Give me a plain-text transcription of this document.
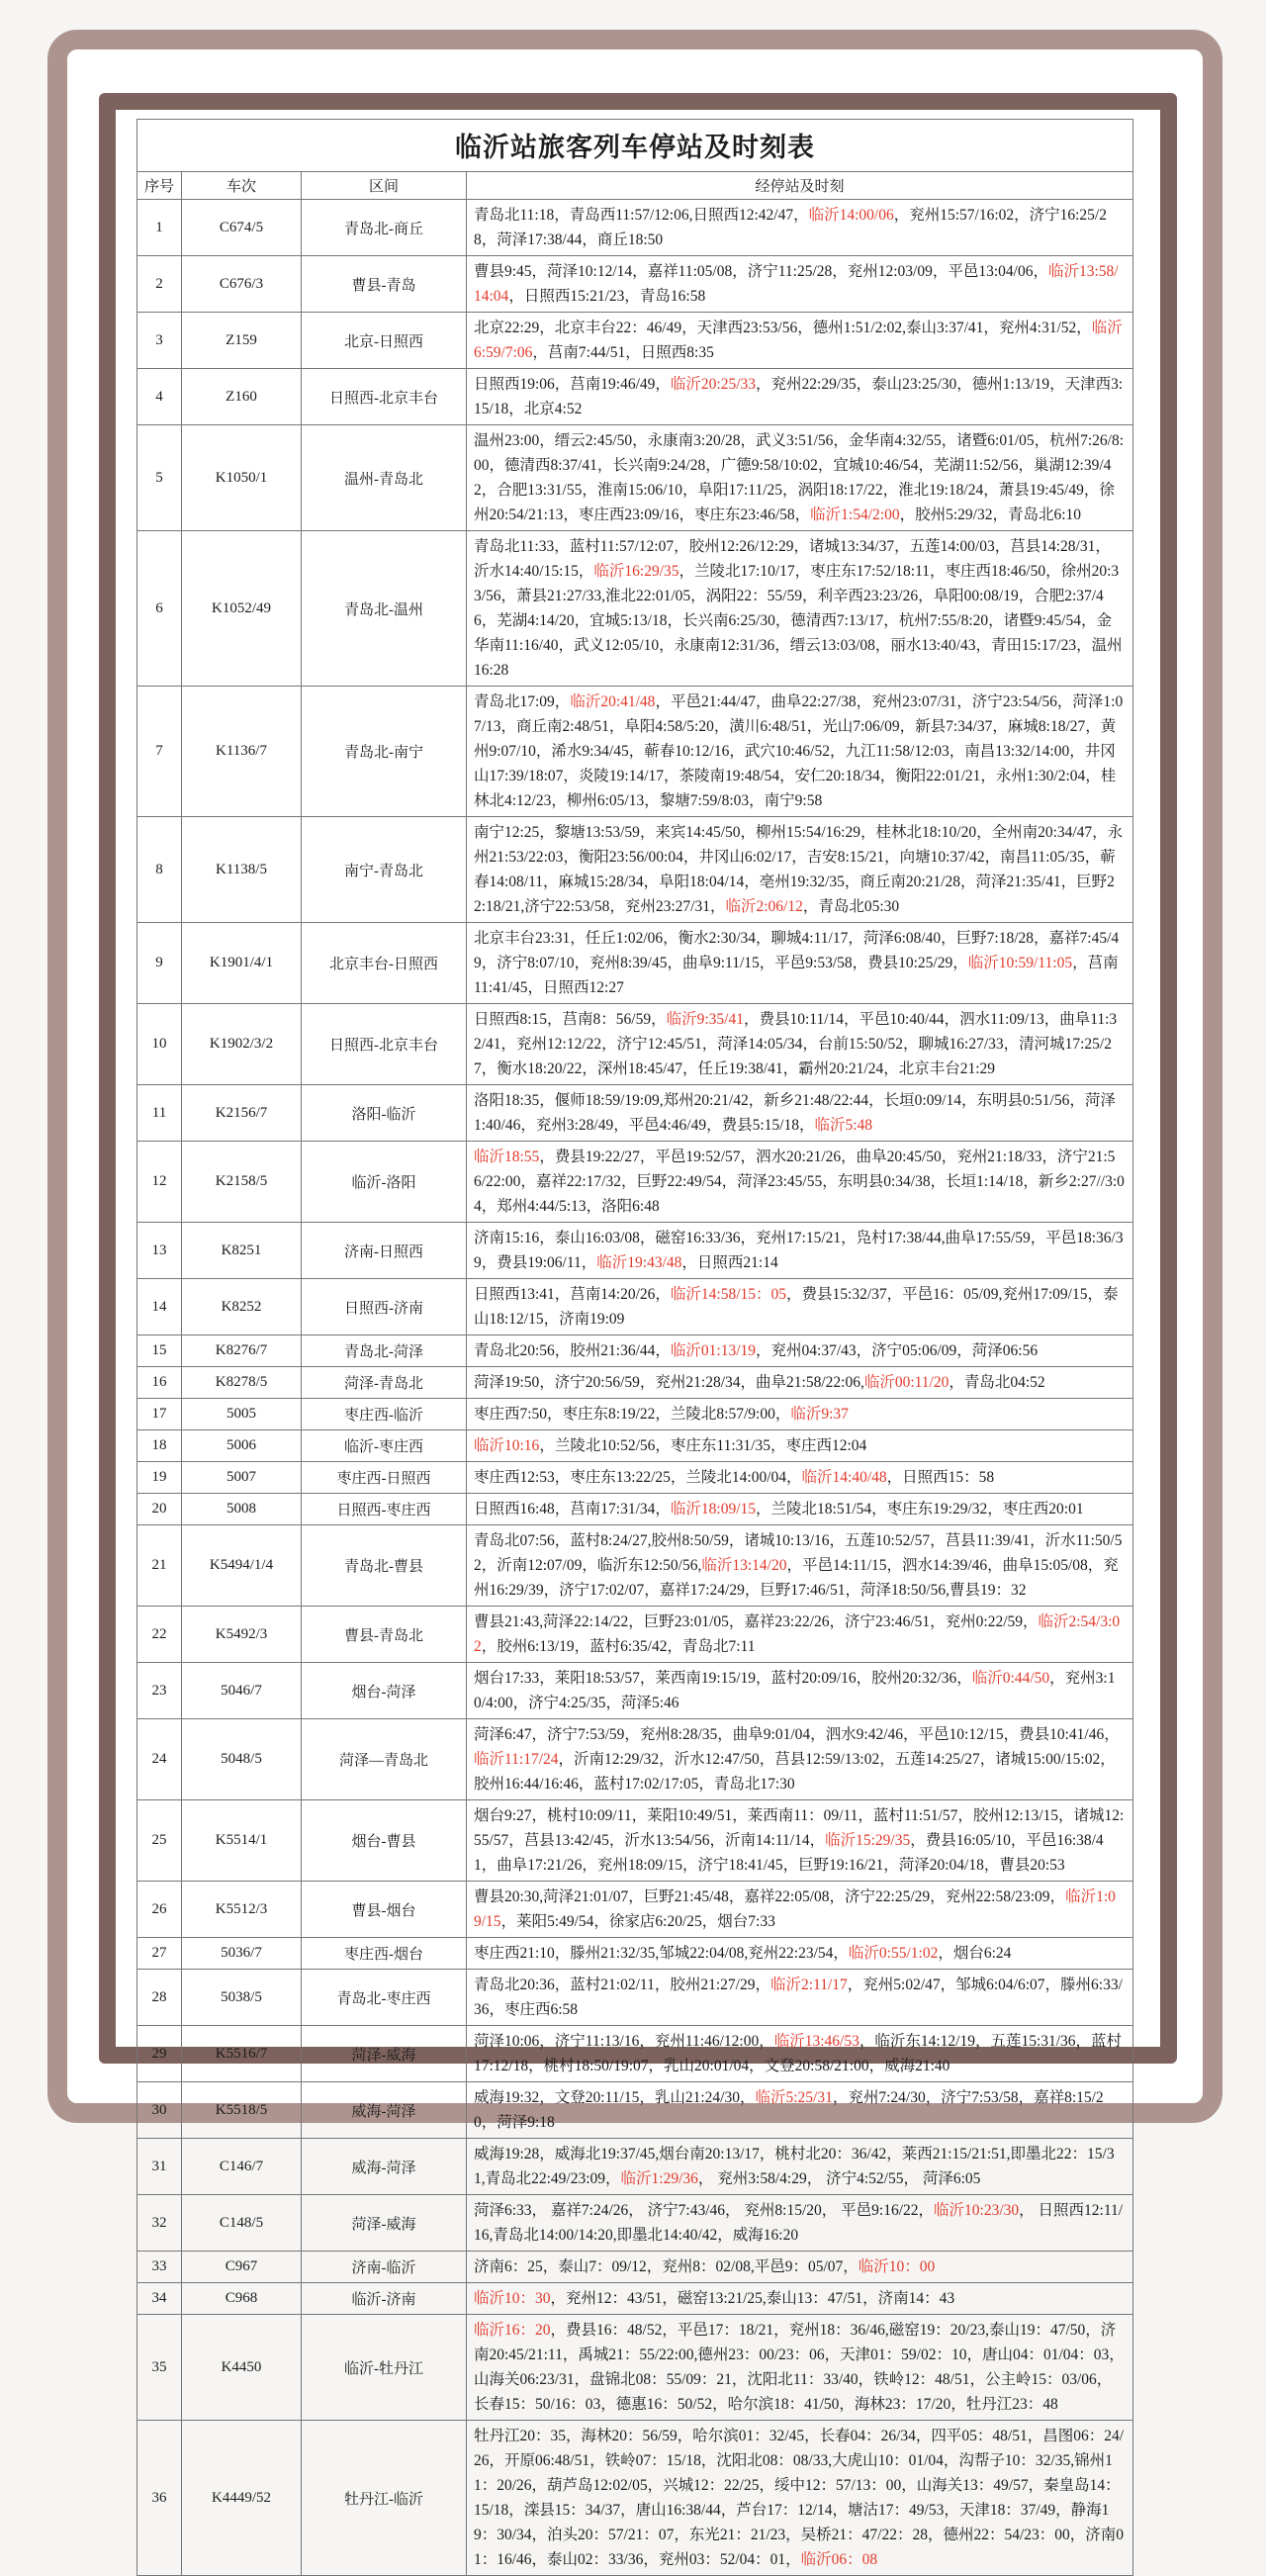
临沂站旅客列车停站及时刻表			
序号	车次	区间	经停站及时刻
1	C674/5	青岛北-商丘	青岛北11:18，青岛西11:57/12:06,日照西12:42/47，临沂14:00/06，兖州15:57/16:02，济宁16:25/28，菏泽17:38/44，商丘18:50
2	C676/3	曹县-青岛	曹县9:45，菏泽10:12/14，嘉祥11:05/08，济宁11:25/28，兖州12:03/09，平邑13:04/06，临沂13:58/14:04，日照西15:21/23，青岛16:58
3	Z159	北京-日照西	北京22:29，北京丰台22：46/49，天津西23:53/56，德州1:51/2:02,泰山3:37/41，兖州4:31/52，临沂6:59/7:06，莒南7:44/51，日照西8:35
4	Z160	日照西-北京丰台	日照西19:06，莒南19:46/49，临沂20:25/33，兖州22:29/35，泰山23:25/30，德州1:13/19，天津西3:15/18，北京4:52
5	K1050/1	温州-青岛北	温州23:00，缙云2:45/50，永康南3:20/28，武义3:51/56，金华南4:32/55，诸暨6:01/05，杭州7:26/8:00，德清西8:37/41，长兴南9:24/28，广德9:58/10:02，宜城10:46/54，芜湖11:52/56，巢湖12:39/42，合肥13:31/55，淮南15:06/10，阜阳17:11/25，涡阳18:17/22，淮北19:18/24，萧县19:45/49，徐州20:54/21:13，枣庄西23:09/16，枣庄东23:46/58，临沂1:54/2:00，胶州5:29/32，青岛北6:10
6	K1052/49	青岛北-温州	青岛北11:33，蓝村11:57/12:07，胶州12:26/12:29，诸城13:34/37，五莲14:00/03，莒县14:28/31，沂水14:40/15:15，临沂16:29/35，兰陵北17:10/17，枣庄东17:52/18:11，枣庄西18:46/50，徐州20:33/56，萧县21:27/33,淮北22:01/05，涡阳22：55/59，利辛西23:23/26，阜阳00:08/19，合肥2:37/46，芜湖4:14/20，宜城5:13/18，长兴南6:25/30，德清西7:13/17，杭州7:55/8:20，诸暨9:45/54，金华南11:16/40，武义12:05/10，永康南12:31/36，缙云13:03/08，丽水13:40/43，青田15:17/23，温州16:28
7	K1136/7	青岛北-南宁	青岛北17:09，临沂20:41/48，平邑21:44/47，曲阜22:27/38，兖州23:07/31，济宁23:54/56，菏泽1:07/13，商丘南2:48/51，阜阳4:58/5:20，潢川6:48/51，光山7:06/09，新县7:34/37，麻城8:18/27，黄州9:07/10，浠水9:34/45，蕲春10:12/16，武穴10:46/52，九江11:58/12:03，南昌13:32/14:00，井冈山17:39/18:07，炎陵19:14/17，茶陵南19:48/54，安仁20:18/34，衡阳22:01/21，永州1:30/2:04，桂林北4:12/23，柳州6:05/13，黎塘7:59/8:03，南宁9:58
8	K1138/5	南宁-青岛北	南宁12:25，黎塘13:53/59，来宾14:45/50，柳州15:54/16:29，桂林北18:10/20，全州南20:34/47，永州21:53/22:03，衡阳23:56/00:04，井冈山6:02/17，吉安8:15/21，向塘10:37/42，南昌11:05/35，蕲春14:08/11，麻城15:28/34，阜阳18:04/14，亳州19:32/35，商丘南20:21/28，菏泽21:35/41，巨野22:18/21,济宁22:53/58，兖州23:27/31，临沂2:06/12，青岛北05:30
9	K1901/4/1	北京丰台-日照西	北京丰台23:31，任丘1:02/06，衡水2:30/34，聊城4:11/17，菏泽6:08/40，巨野7:18/28，嘉祥7:45/49，济宁8:07/10，兖州8:39/45，曲阜9:11/15，平邑9:53/58，费县10:25/29，临沂10:59/11:05，莒南11:41/45，日照西12:27
10	K1902/3/2	日照西-北京丰台	日照西8:15，莒南8：56/59，临沂9:35/41，费县10:11/14，平邑10:40/44，泗水11:09/13，曲阜11:32/41，兖州12:12/22，济宁12:45/51，菏泽14:05/34，台前15:50/52，聊城16:27/33，清河城17:25/27，衡水18:20/22，深州18:45/47，任丘19:38/41，霸州20:21/24，北京丰台21:29
11	K2156/7	洛阳-临沂	洛阳18:35，偃师18:59/19:09,郑州20:21/42，新乡21:48/22:44，长垣0:09/14，东明县0:51/56，菏泽1:40/46，兖州3:28/49，平邑4:46/49，费县5:15/18，临沂5:48
12	K2158/5	临沂-洛阳	临沂18:55，费县19:22/27，平邑19:52/57，泗水20:21/26，曲阜20:45/50，兖州21:18/33，济宁21:56/22:00，嘉祥22:17/32，巨野22:49/54，菏泽23:45/55，东明县0:34/38，长垣1:14/18，新乡2:27//3:04，郑州4:44/5:13，洛阳6:48
13	K8251	济南-日照西	济南15:16，泰山16:03/08，磁窑16:33/36，兖州17:15/21，凫村17:38/44,曲阜17:55/59，平邑18:36/39，费县19:06/11，临沂19:43/48，日照西21:14
14	K8252	日照西-济南	日照西13:41，莒南14:20/26，临沂14:58/15：05，费县15:32/37，平邑16：05/09,兖州17:09/15，泰山18:12/15，济南19:09
15	K8276/7	青岛北-菏泽	青岛北20:56，胶州21:36/44，临沂01:13/19，兖州04:37/43，济宁05:06/09，菏泽06:56
16	K8278/5	菏泽-青岛北	菏泽19:50，济宁20:56/59，兖州21:28/34，曲阜21:58/22:06,临沂00:11/20，青岛北04:52
17	5005	枣庄西-临沂	枣庄西7:50，枣庄东8:19/22，兰陵北8:57/9:00，临沂9:37
18	5006	临沂-枣庄西	临沂10:16，兰陵北10:52/56，枣庄东11:31/35，枣庄西12:04
19	5007	枣庄西-日照西	枣庄西12:53，枣庄东13:22/25，兰陵北14:00/04，临沂14:40/48，日照西15：58
20	5008	日照西-枣庄西	日照西16:48，莒南17:31/34，临沂18:09/15，兰陵北18:51/54，枣庄东19:29/32，枣庄西20:01
21	K5494/1/4	青岛北-曹县	青岛北07:56，蓝村8:24/27,胶州8:50/59，诸城10:13/16，五莲10:52/57，莒县11:39/41，沂水11:50/52，沂南12:07/09，临沂东12:50/56,临沂13:14/20，平邑14:11/15，泗水14:39/46，曲阜15:05/08，兖州16:29/39，济宁17:02/07，嘉祥17:24/29，巨野17:46/51，菏泽18:50/56,曹县19：32
22	K5492/3	曹县-青岛北	曹县21:43,菏泽22:14/22，巨野23:01/05，嘉祥23:22/26，济宁23:46/51，兖州0:22/59，临沂2:54/3:02，胶州6:13/19，蓝村6:35/42，青岛北7:11
23	5046/7	烟台-菏泽	烟台17:33，莱阳18:53/57，莱西南19:15/19，蓝村20:09/16，胶州20:32/36，临沂0:44/50，兖州3:10/4:00，济宁4:25/35，菏泽5:46
24	5048/5	菏泽—青岛北	菏泽6:47，济宁7:53/59，兖州8:28/35，曲阜9:01/04，泗水9:42/46，平邑10:12/15，费县10:41/46，临沂11:17/24，沂南12:29/32，沂水12:47/50，莒县12:59/13:02，五莲14:25/27，诸城15:00/15:02，胶州16:44/16:46，蓝村17:02/17:05，青岛北17:30
25	K5514/1	烟台-曹县	烟台9:27，桃村10:09/11，莱阳10:49/51，莱西南11：09/11，蓝村11:51/57，胶州12:13/15，诸城12:55/57，莒县13:42/45，沂水13:54/56，沂南14:11/14，临沂15:29/35，费县16:05/10，平邑16:38/41，曲阜17:21/26，兖州18:09/15，济宁18:41/45，巨野19:16/21，菏泽20:04/18，曹县20:53
26	K5512/3	曹县-烟台	曹县20:30,菏泽21:01/07，巨野21:45/48，嘉祥22:05/08，济宁22:25/29，兖州22:58/23:09，临沂1:09/15，莱阳5:49/54，徐家店6:20/25，烟台7:33
27	5036/7	枣庄西-烟台	枣庄西21:10，滕州21:32/35,邹城22:04/08,兖州22:23/54，临沂0:55/1:02，烟台6:24
28	5038/5	青岛北-枣庄西	青岛北20:36，蓝村21:02/11，胶州21:27/29，临沂2:11/17，兖州5:02/47，邹城6:04/6:07，滕州6:33/36，枣庄西6:58
29	K5516/7	菏泽-威海	菏泽10:06，济宁11:13/16，兖州11:46/12:00，临沂13:46/53，临沂东14:12/19，五莲15:31/36，蓝村17:12/18，桃村18:50/19:07，乳山20:01/04，文登20:58/21:00，威海21:40
30	K5518/5	威海-菏泽	威海19:32，文登20:11/15，乳山21:24/30，临沂5:25/31，兖州7:24/30，济宁7:53/58，嘉祥8:15/20，菏泽9:18
31	C146/7	威海-菏泽	威海19:28，威海北19:37/45,烟台南20:13/17，桃村北20：36/42，莱西21:15/21:51,即墨北22：15/31,青岛北22:49/23:09，临沂1:29/36， 兖州3:58/4:29， 济宁4:52/55， 菏泽6:05
32	C148/5	菏泽-威海	菏泽6:33， 嘉祥7:24/26， 济宁7:43/46， 兖州8:15/20， 平邑9:16/22，临沂10:23/30， 日照西12:11/16,青岛北14:00/14:20,即墨北14:40/42，威海16:20
33	C967	济南-临沂	济南6：25，泰山7：09/12，兖州8：02/08,平邑9：05/07，临沂10：00
34	C968	临沂-济南	临沂10：30，兖州12：43/51，磁窑13:21/25,泰山13：47/51，济南14：43
35	K4450	临沂-牡丹江	临沂16：20，费县16：48/52，平邑17：18/21，兖州18：36/46,磁窑19：20/23,泰山19：47/50，济南20:45/21:11，禹城21：55/22:00,德州23：00/23：06，天津01：59/02：10，唐山04：01/04：03，山海关06:23/31，盘锦北08：55/09：21，沈阳北11：33/40，铁岭12：48/51，公主岭15：03/06，长春15：50/16：03，德惠16：50/52，哈尔滨18：41/50，海林23：17/20，牡丹江23：48
36	K4449/52	牡丹江-临沂	牡丹江20：35，海林20：56/59，哈尔滨01：32/45，长春04：26/34，四平05：48/51，昌图06：24/26，开原06:48/51，铁岭07：15/18，沈阳北08：08/33,大虎山10：01/04，沟帮子10：32/35,锦州11：20/26，葫芦岛12:02/05，兴城12：22/25，绥中12：57/13：00，山海关13：49/57，秦皇岛14：15/18，滦县15：34/37，唐山16:38/44，芦台17：12/14，塘沽17：49/53，天津18：37/49，静海19：30/34，泊头20：57/21：07，东光21：21/23，吴桥21：47/22：28，德州22：54/23：00，济南01：16/46，泰山02：33/36，兖州03：52/04：01，临沂06：08
